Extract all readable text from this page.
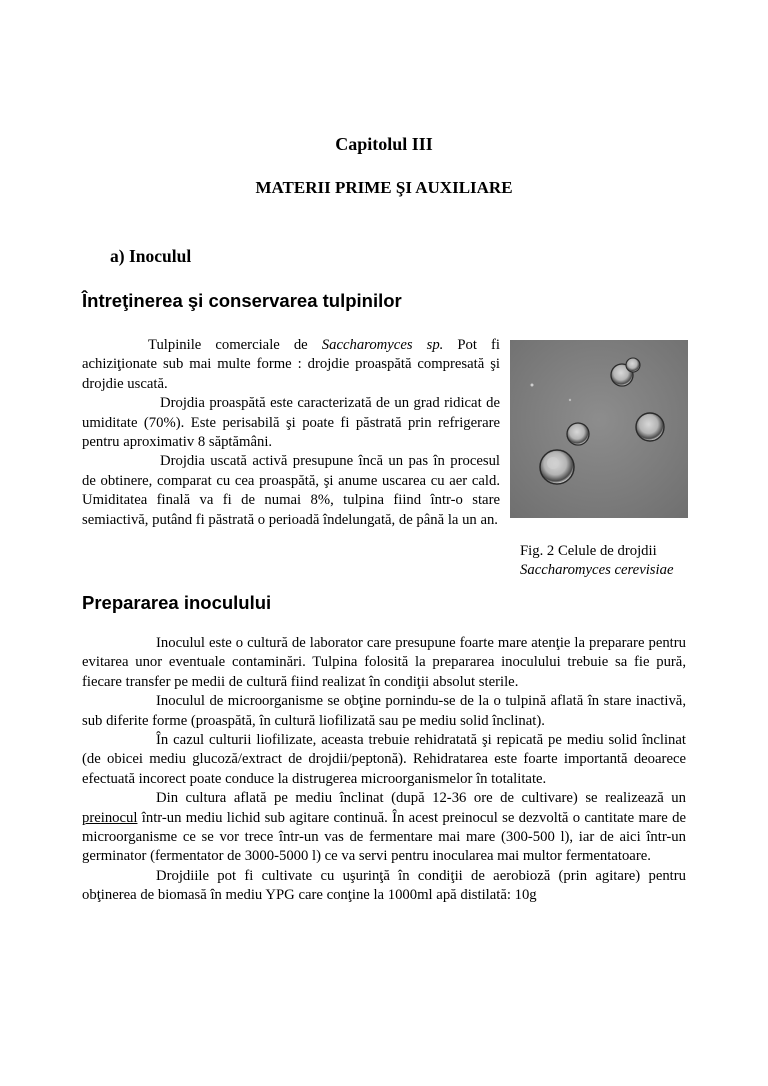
Capitolul III
MATERII PRIME ŞI AUXILIARE
a) Inoculul
Întreţinerea şi conservarea tulpinilor

Tulpinile comerciale de Saccharomyces sp. Pot fi achiziţionate sub mai multe forme : drojdie proaspătă compresată şi drojdie uscată.

Drojdia proaspătă este caracterizată de un grad ridicat de umiditate (70%). Este perisabilă şi poate fi păstrată prin refrigerare pentru aproximativ 8 săptămâni.

Drojdia uscată activă presupune încă un pas în procesul de obtinere, comparat cu cea proaspătă, şi anume uscarea cu aer cald. Umiditatea finală va fi de numai 8%, tulpina fiind într-o stare semiactivă, putând fi păstrată o perioadă îndelungată, de până la un an.

Fig. 2 Celule de drojdii
Saccharomyces cerevisiae
Prepararea inoculului

Inoculul este o cultură de laborator care presupune foarte mare atenţie la preparare pentru evitarea unor eventuale contaminări. Tulpina folosită la prepararea inoculului trebuie sa fie pură, fiecare transfer pe medii de cultură fiind realizat în condiţii absolut sterile.

Inoculul de microorganisme se obţine pornindu-se de la o tulpină aflată în stare inactivă, sub diferite forme (proaspătă, în cultură liofilizată sau pe mediu solid înclinat).

În cazul culturii liofilizate, aceasta trebuie rehidratată şi repicată pe mediu solid înclinat (de obicei mediu glucoză/extract de drojdii/peptonă). Rehidratarea este foarte importantă deoarece efectuată incorect poate conduce la distrugerea microorganismelor în totalitate.

Din cultura aflată pe mediu înclinat (după 12-36 ore de cultivare) se realizează un preinocul într-un mediu lichid sub agitare continuă. În acest preinocul se dezvoltă o cantitate mare de microorganisme ce se vor trece într-un vas de fermentare mai mare (300-500 l), iar de aici într-un germinator (fermentator de 3000-5000 l) ce va servi pentru inocularea mai multor fermentatoare.

Drojdiile pot fi cultivate cu uşurinţă în condiţii de aerobioză (prin agitare) pentru obţinerea de biomasă în mediu YPG care conţine la 1000ml apă distilată: 10g
